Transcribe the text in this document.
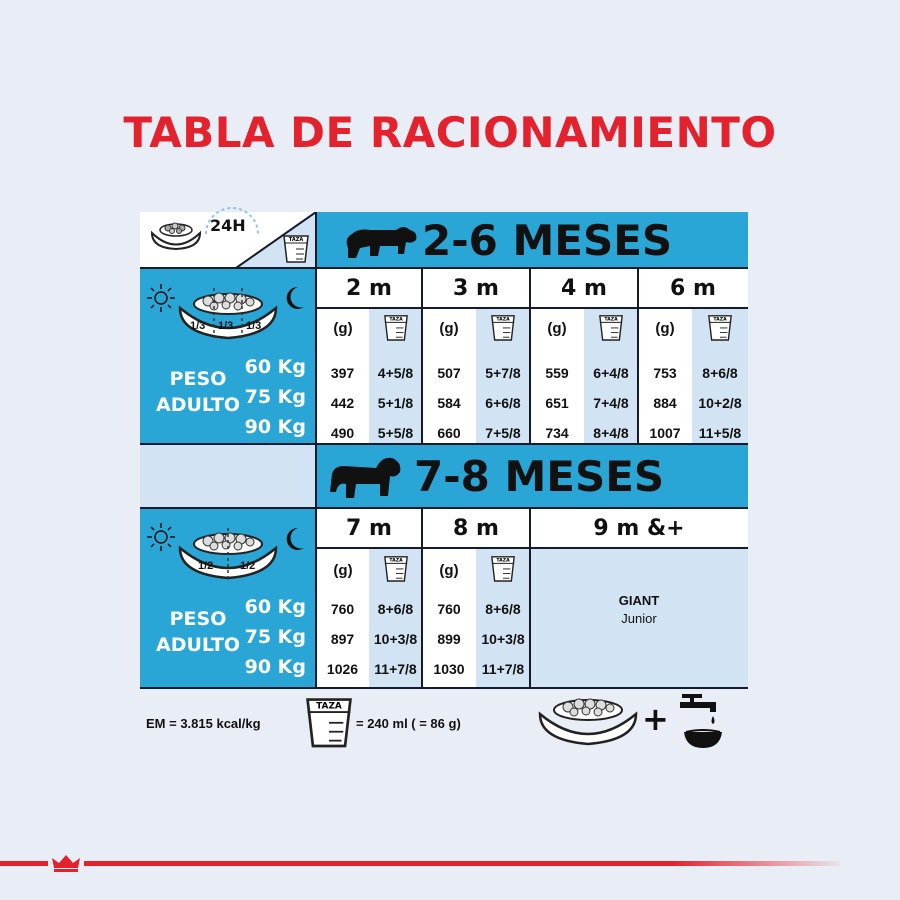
TABLA DE RACIONAMIENTO
24H
TAZA	2-6 MESES
1/3 1/3 1/3
PESO
ADULTO
60 Kg
75 Kg
90 Kg
2 m	3 m	4 m	6 m
(g)	(g)	(g)	(g)
TAZA	TAZA	TAZA	TAZA
397	4+5/8	507	5+7/8	559	6+4/8	753	8+6/8
442	5+1/8	584	6+6/8	651	7+4/8	884	10+2/8
490	5+5/8	660	7+5/8	734	8+4/8	1007	11+5/8
7-8 MESES
1/2 1/2
PESO
ADULTO
60 Kg
75 Kg
90 Kg
7 m	8 m	9 m &+
(g)	(g)
TAZA	TAZA
760	8+6/8	760	8+6/8
897	10+3/8	899	10+3/8
1026	11+7/8	1030	11+7/8
GIANT
Junior
EM = 3.815 kcal/kg
TAZA
= 240 ml ( = 86 g)	+
